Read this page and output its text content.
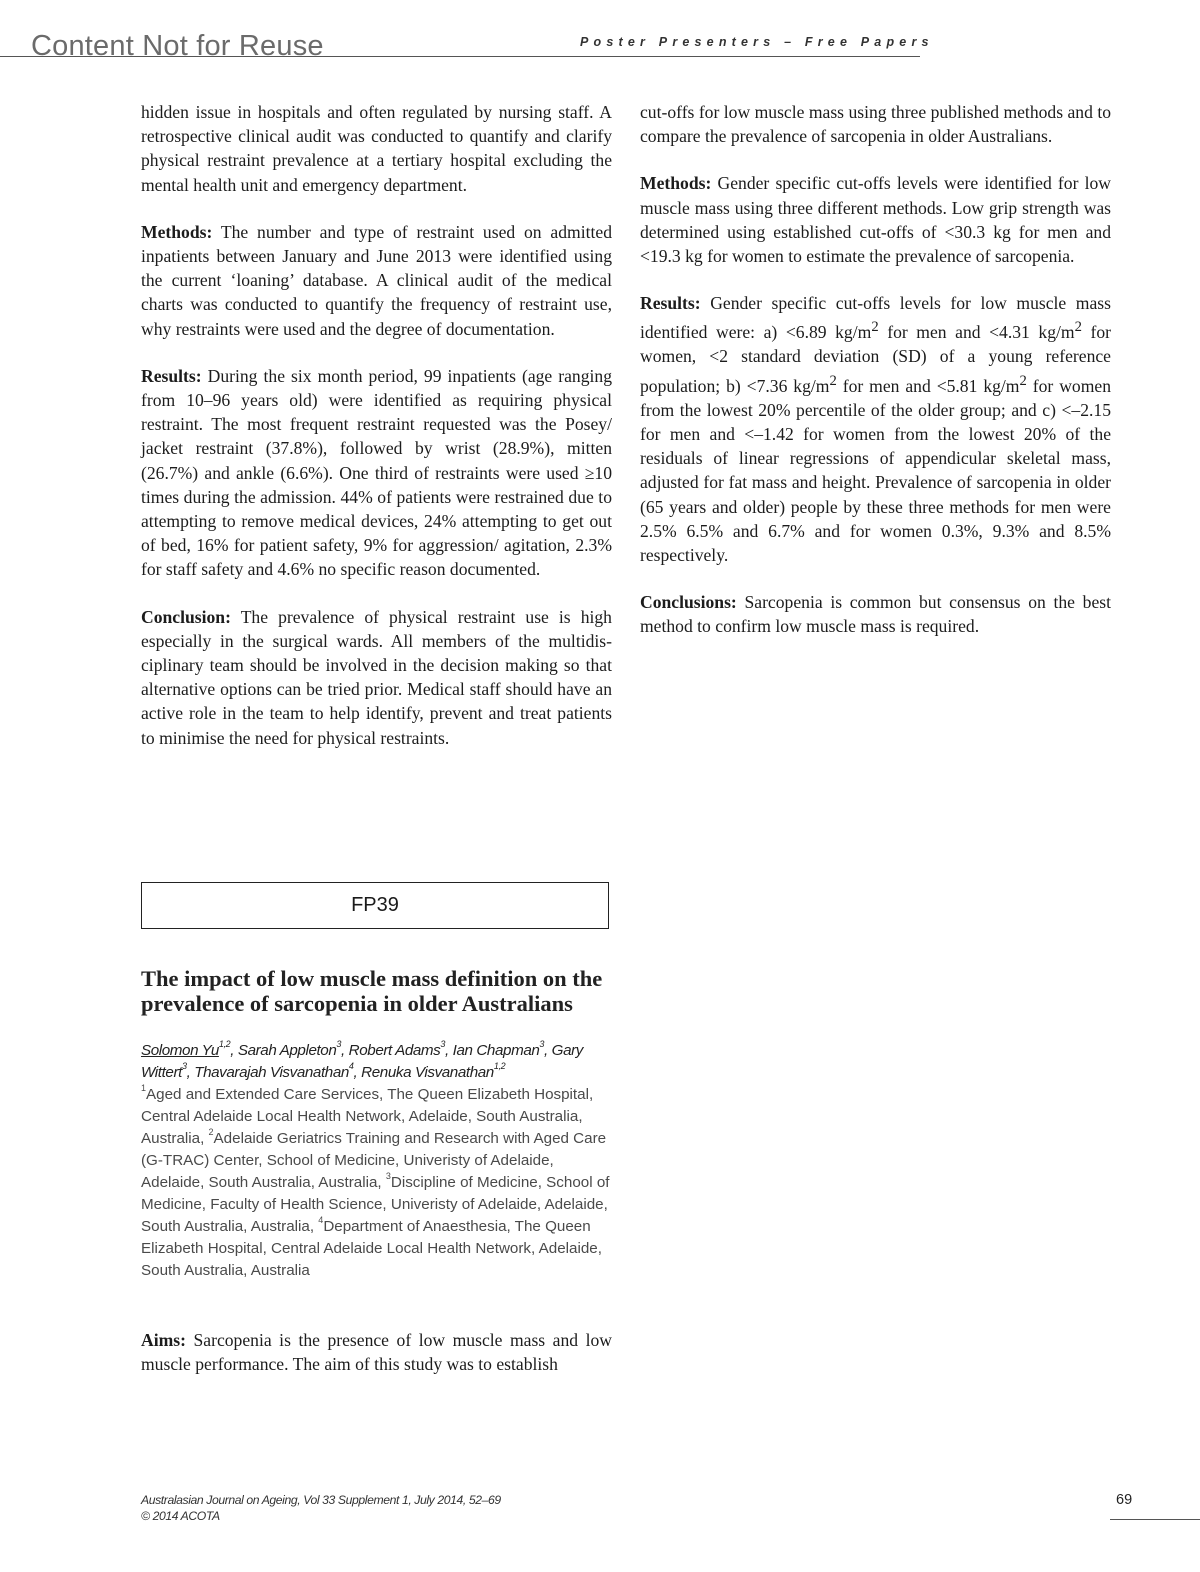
Content Not for Reuse	Poster Presenters – Free Papers

hidden issue in hospitals and often regulated by nursing staff. A retrospective clinical audit was conducted to quantify and clarify physical restraint prevalence at a tertiary hospital excluding the mental health unit and emergency department.

Methods: The number and type of restraint used on admitted inpatients between January and June 2013 were identified using the current ‘loaning’ database. A clinical audit of the medical charts was conducted to quantify the frequency of restraint use, why restraints were used and the degree of documentation.

Results: During the six month period, 99 inpatients (age ranging from 10–96 years old) were identified as requiring physical restraint. The most frequent restraint requested was the Posey/ jacket restraint (37.8%), followed by wrist (28.9%), mitten (26.7%) and ankle (6.6%). One third of restraints were used ≥10 times during the admission. 44% of patients were restrained due to attempting to remove medical devices, 24% attempting to get out of bed, 16% for patient safety, 9% for aggression/ agitation, 2.3% for staff safety and 4.6% no specific reason documented.

Conclusion: The prevalence of physical restraint use is high especially in the surgical wards. All members of the multidisciplinary team should be involved in the decision making so that alternative options can be tried prior. Medical staff should have an active role in the team to help identify, prevent and treat patients to minimise the need for physical restraints.

FP39
The impact of low muscle mass definition on the prevalence of sarcopenia in older Australians

Solomon Yu$^{1,2}$, Sarah Appleton$^3$, Robert Adams$^3$, Ian Chapman$^3$, Gary Wittert$^3$, Thavarajah Visvanathan$^4$, Renuka Visvanathan$^{1,2}$

$^1$Aged and Extended Care Services, The Queen Elizabeth Hospital, Central Adelaide Local Health Network, Adelaide, South Australia, Australia, $^2$Adelaide Geriatrics Training and Research with Aged Care (G-TRAC) Center, School of Medicine, Univeristy of Adelaide, Adelaide, South Australia, Australia, $^3$Discipline of Medicine, School of Medicine, Faculty of Health Science, Univeristy of Adelaide, Adelaide, South Australia, Australia, $^4$Department of Anaesthesia, The Queen Elizabeth Hospital, Central Adelaide Local Health Network, Adelaide, South Australia, Australia

Aims: Sarcopenia is the presence of low muscle mass and low muscle performance. The aim of this study was to establish

cut-offs for low muscle mass using three published methods and to compare the prevalence of sarcopenia in older Australians.

Methods: Gender specific cut-offs levels were identified for low muscle mass using three different methods. Low grip strength was determined using established cut-offs of <30.3 kg for men and <19.3 kg for women to estimate the prevalence of sarcopenia.

Results: Gender specific cut-offs levels for low muscle mass identified were: a) <6.89 $kg/m^2$ for men and <4.31 $kg/m^2$ for women, <2 standard deviation (SD) of a young reference population; b) <7.36 $kg/m^2$ for men and <5.81 $kg/m^2$ for women from the lowest 20% percentile of the older group; and c) <–2.15 for men and <–1.42 for women from the lowest 20% of the residuals of linear regressions of appendicular skeletal mass, adjusted for fat mass and height. Prevalence of sarcopenia in older (65 years and older) people by these three methods for men were 2.5% 6.5% and 6.7% and for women 0.3%, 9.3% and 8.5% respectively.

Conclusions: Sarcopenia is common but consensus on the best method to confirm low muscle mass is required.

Australasian Journal on Ageing, Vol 33 Supplement 1, July 2014, 52–69
© 2014 ACOTA
69
